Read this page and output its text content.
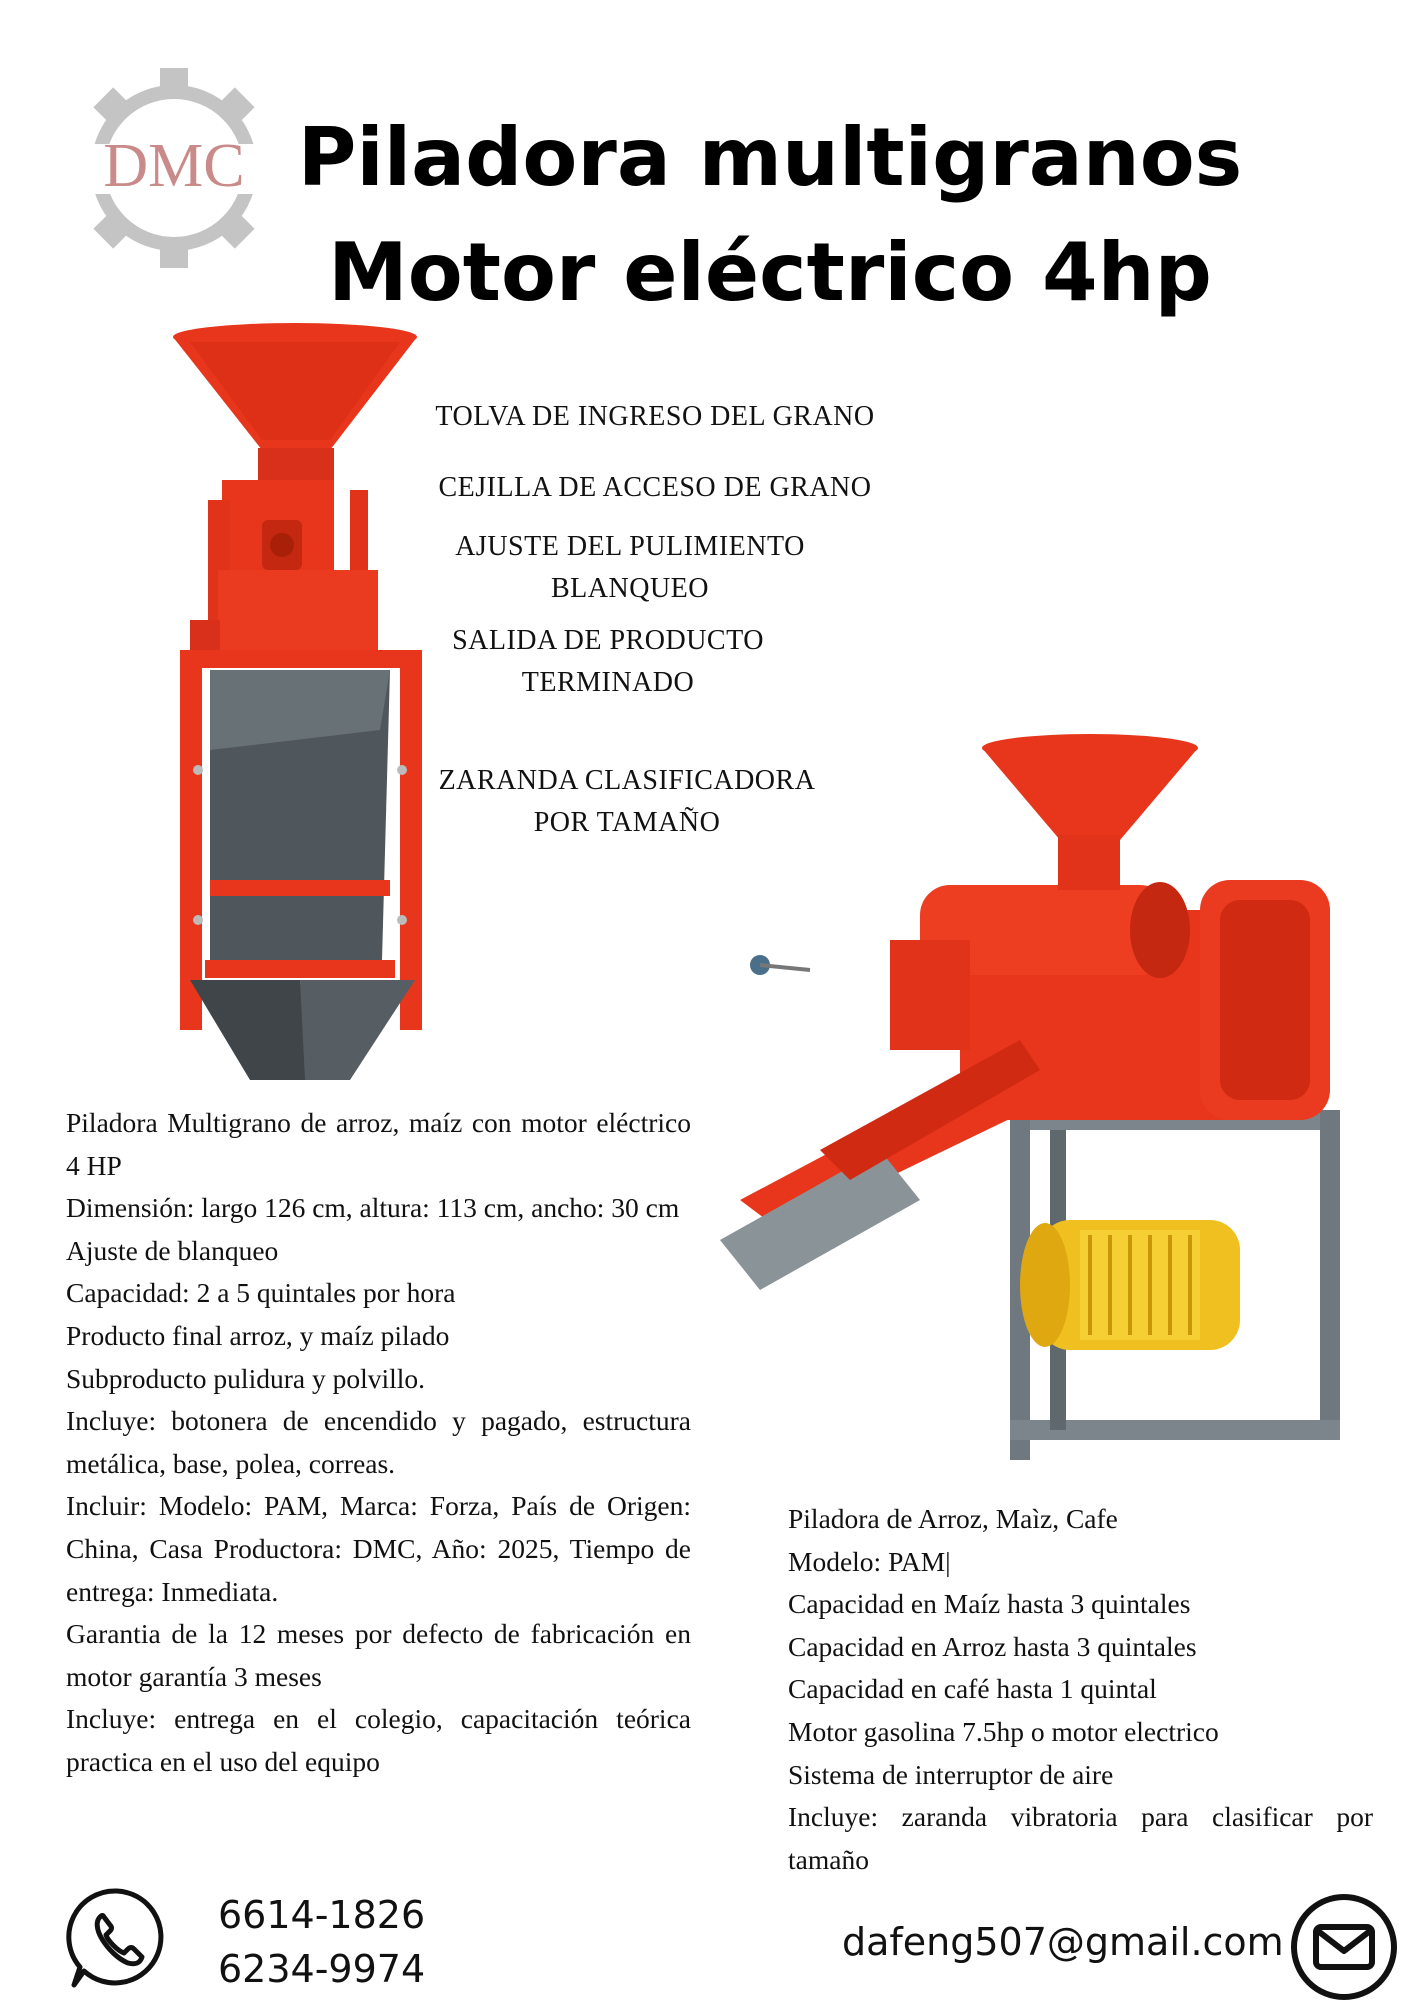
DMC Piladora multigranos
Motor eléctrico 4hp
TOLVA DE INGRESO DEL GRANO
CEJILLA DE ACCESO DE GRANO
AJUSTE DEL PULIMIENTO
BLANQUEO
SALIDA DE PRODUCTO
TERMINADO
ZARANDA CLASIFICADORA
POR TAMAÑO

Piladora Multigrano de arroz, maíz con motor eléctrico 4 HP

Dimensión: largo 126 cm, altura: 113 cm, ancho: 30 cm

Ajuste de blanqueo

Capacidad: 2 a 5 quintales por hora

Producto final arroz, y maíz pilado

Subproducto pulidura y polvillo.

Incluye: botonera de encendido y pagado, estructura metálica, base, polea, correas.

Incluir: Modelo: PAM, Marca: Forza, País de Origen: China, Casa Productora: DMC, Año: 2025, Tiempo de entrega: Inmediata.

Garantia de la 12 meses por defecto de fabricación en motor garantía 3 meses

Incluye: entrega en el colegio, capacitación teórica practica en el uso del equipo

Piladora de Arroz, Maìz, Cafe

Modelo: PAM|

Capacidad en Maíz hasta 3 quintales

Capacidad en Arroz hasta 3 quintales

Capacidad en café hasta 1 quintal

Motor gasolina 7.5hp o motor electrico

Sistema de interruptor de aire

Incluye: zaranda vibratoria para clasificar por tamaño

6614-1826
6234-9974
dafeng507@gmail.com
